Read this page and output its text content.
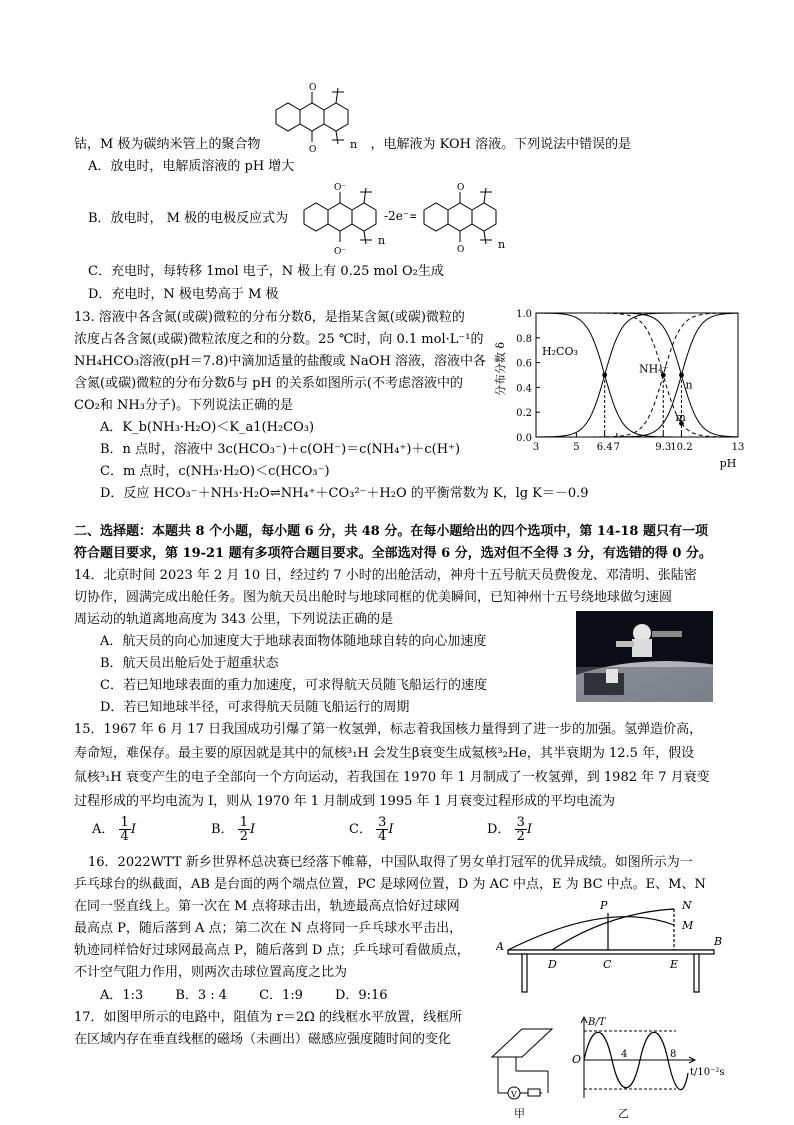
O
O	n
钴，M 极为碳纳米管上的聚合物	，电解液为 KOH 溶液。下列说法中错误的是
A．放电时，电解质溶液的 pH 增大
B．放电时， M 极的电极反应式为
O⁻
O⁻
n
-2e⁻=
O
O	n
C．充电时，每转移 1mol 电子，N 极上有 0.25 mol O₂生成
D．充电时，N 极电势高于 M 极
13. 溶液中各含氮(或碳)微粒的分布分数δ，是指某含氮(或碳)微粒的
浓度占各含氮(或碳)微粒浓度之和的分数。25 ℃时，向 0.1 mol·L⁻¹的
NH₄HCO₃溶液(pH＝7.8)中滴加适量的盐酸或 NaOH 溶液，溶液中各
含氮(或碳)微粒的分布分数δ与 pH 的关系如图所示(不考虑溶液中的
CO₂和 NH₃分子)。下列说法正确的是
A．K_b(NH₃·H₂O)＜K_a1(H₂CO₃)
B．n 点时，溶液中 3c(HCO₃⁻)＋c(OH⁻)＝c(NH₄⁺)＋c(H⁺)
C．m 点时，c(NH₃·H₂O)＜c(HCO₃⁻)
D．反应 HCO₃⁻＋NH₃·H₂O⇌NH₄⁺＋CO₃²⁻＋H₂O 的平衡常数为 K，lg K＝－0.9
分布分数 δ
pH
0.0
0.2
0.4
0.6
0.8
1.0
3	5 6.4 7	9.3 10.2	13
H₂CO₃
NH₄⁺
n
m
二、选择题：本题共 8 个小题，每小题 6 分，共 48 分。在每小题给出的四个选项中，第 14-18 题只有一项
符合题目要求，第 19-21 题有多项符合题目要求。全部选对得 6 分，选对但不全得 3 分，有选错的得 0 分。
14．北京时间 2023 年 2 月 10 日，经过约 7 小时的出舱活动，神舟十五号航天员费俊龙、邓清明、张陆密
切协作，圆满完成出舱任务。图为航天员出舱时与地球同框的优美瞬间，已知神州十五号绕地球做匀速圆
周运动的轨道离地高度为 343 公里，下列说法正确的是
A．航天员的向心加速度大于地球表面物体随地球自转的向心加速度
B．航天员出舱后处于超重状态
C．若已知地球表面的重力加速度，可求得航天员随飞船运行的速度
D．若已知地球半径，可求得航天员随飞船运行的周期
15．1967 年 6 月 17 日我国成功引爆了第一枚氢弹，标志着我国核力量得到了进一步的加强。氢弹造价高，
寿命短，难保存。最主要的原因就是其中的氚核³₁H 会发生β衰变生成氦核³₂He，其半衰期为 12.5 年，假设
氚核³₁H 衰变产生的电子全部向一个方向运动，若我国在 1970 年 1 月制成了一枚氢弹，到 1982 年 7 月衰变
过程形成的平均电流为 I，则从 1970 年 1 月制成到 1995 年 1 月衰变过程形成的平均电流为
A． $\frac{1}{4}$ I	B． $\frac{1}{2}$ I	C． $\frac{3}{4}$ I	D． $\frac{3}{2}$ I
16．2022WTT 新乡世界杯总决赛已经落下帷幕，中国队取得了男女单打冠军的优异成绩。如图所示为一
乒乓球台的纵截面，AB 是台面的两个端点位置，PC 是球网位置，D 为 AC 中点，E 为 BC 中点。E、M、N
在同一竖直线上。第一次在 M 点将球击出，轨迹最高点恰好过球网
最高点 P，随后落到 A 点；第二次在 N 点将同一乒乓球水平击出，
轨迹同样恰好过球网最高点 P，随后落到 D 点；乒乓球可看做质点，
不计空气阻力作用，则两次击球位置高度之比为
A．1:3 B．3 : 4 C．1:9 D．9:16
P	N
M
A	B
D	C	E
17．如图甲所示的电路中，阻值为 r＝2Ω 的线框水平放置，线框所
在区域内存在垂直线框的磁场（未画出）磁感应强度随时间的变化
V
甲
B/T
O	4	8
t/10⁻²s
乙
